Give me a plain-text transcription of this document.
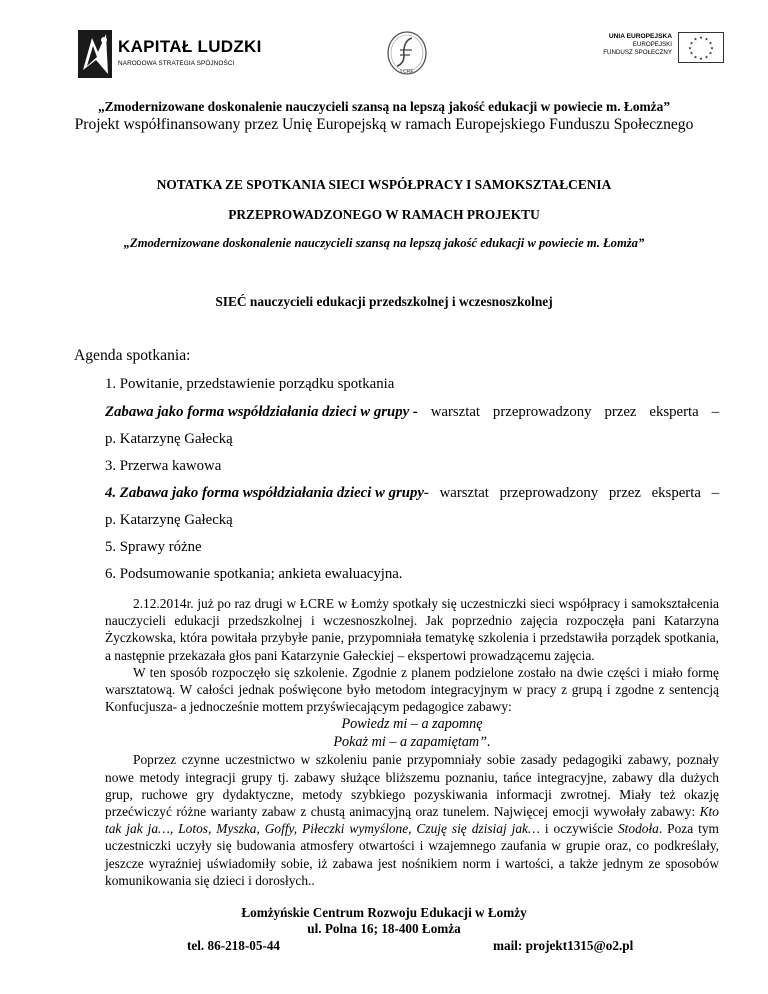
KAPITAŁ LUDZKI
NARODOWA STRATEGIA SPÓJNOŚCI
ŁCRE
UNIA EUROPEJSKA
EUROPEJSKI
FUNDUSZ SPOŁECZNY
★ ★
★
★
★
★
★
★
★
★
★
★
„Zmodernizowane doskonalenie nauczycieli szansą na lepszą jakość edukacji w powiecie m. Łomża”
Projekt współfinansowany przez Unię Europejską w ramach Europejskiego Funduszu Społecznego
NOTATKA ZE SPOTKANIA SIECI WSPÓŁPRACY I SAMOKSZTAŁCENIA
PRZEPROWADZONEGO W RAMACH PROJEKTU
„Zmodernizowane doskonalenie nauczycieli szansą na lepszą jakość edukacji w powiecie m. Łomża”
SIEĆ nauczycieli edukacji przedszkolnej i wczesnoszkolnej
Agenda spotkania:
1. Powitanie, przedstawienie porządku spotkania
Zabawa jako forma współdziałania dzieci w grupy - warsztat przeprowadzony przez eksperta –
p. Katarzynę Gałecką
3. Przerwa kawowa
4. Zabawa jako forma współdziałania dzieci w grupy- warsztat przeprowadzony przez eksperta –
p. Katarzynę Gałecką
5. Sprawy różne
6. Podsumowanie spotkania; ankieta ewaluacyjna.

2.12.2014r. już po raz drugi w ŁCRE w Łomży spotkały się uczestniczki sieci współpracy i samokształcenia nauczycieli edukacji przedszkolnej i wczesnoszkolnej. Jak poprzednio zajęcia rozpoczęła pani Katarzyna Życzkowska, która powitała przybyłe panie, przypomniała tematykę szkolenia i przedstawiła porządek spotkania, a następnie przekazała głos pani Katarzynie Gałeckiej – ekspertowi prowadzącemu zajęcia.

W ten sposób rozpoczęło się szkolenie. Zgodnie z planem podzielone zostało na dwie części i miało formę warsztatową. W całości jednak poświęcone było metodom integracyjnym w pracy z grupą i zgodne z sentencją Konfucjusza- a jednocześnie mottem przyświecającym pedagogice zabawy:

Powiedz mi – a zapomnę
Pokaż mi – a zapamiętam”.

Poprzez czynne uczestnictwo w szkoleniu panie przypomniały sobie zasady pedagogiki zabawy, poznały nowe metody integracji grupy tj. zabawy służące bliższemu poznaniu, tańce integracyjne, zabawy dla dużych grup, ruchowe gry dydaktyczne, metody szybkiego pozyskiwania informacji zwrotnej. Miały też okazję przećwiczyć różne warianty zabaw z chustą animacyjną oraz tunelem. Najwięcej emocji wywołały zabawy: Kto tak jak ja…, Lotos, Myszka, Goffy, Piłeczki wymyślone, Czuję się dzisiaj jak… i oczywiście Stodoła. Poza tym uczestniczki uczyły się budowania atmosfery otwartości i wzajemnego zaufania w grupie oraz, co podkreślały, jeszcze wyraźniej uświadomiły sobie, iż zabawa jest nośnikiem norm i wartości, a także jednym ze sposobów komunikowania się dzieci i dorosłych..

Łomżyńskie Centrum Rozwoju Edukacji w Łomży
ul. Polna 16; 18-400 Łomża
tel. 86-218-05-44	mail: projekt1315@o2.pl
